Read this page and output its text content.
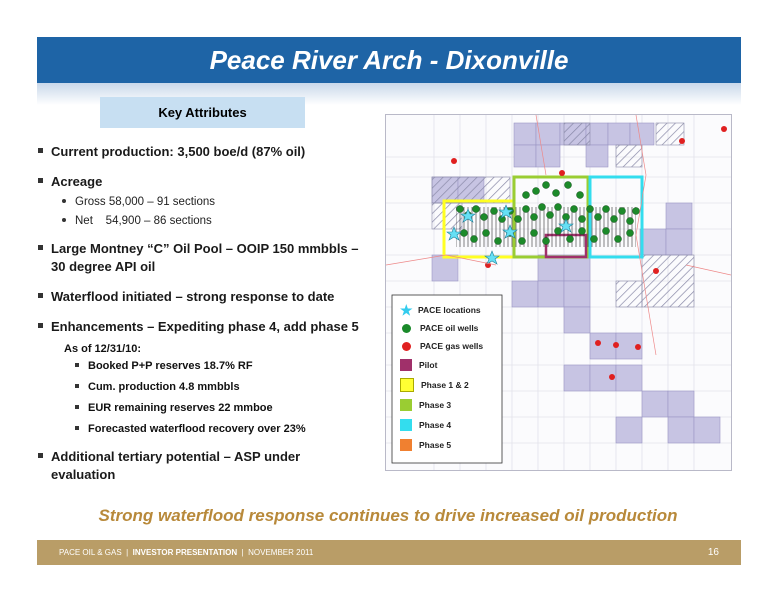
Peace River Arch - Dixonville
Key Attributes
Current production: 3,500 boe/d (87% oil)
Acreage
Gross 58,000 – 91 sections
Net    54,900 – 86 sections
Large Montney “C” Oil Pool – OOIP 150 mmbbls –
30 degree API oil
Waterflood initiated – strong response to date
Enhancements – Expediting phase 4, add phase 5
As of 12/31/10:
Booked P+P reserves 18.7% RF
Cum. production 4.8 mmbbls
EUR remaining reserves 22 mmboe
Forecasted waterflood recovery over 23%
Additional tertiary potential – ASP under
evaluation
★ PACE locations
PACE oil wells
PACE gas wells
Pilot
Phase 1 & 2
Phase 3
Phase 4
Phase 5
Strong waterflood response continues to drive increased oil production
PACE OIL & GAS | INVESTOR PRESENTATION | NOVEMBER 2011	16
